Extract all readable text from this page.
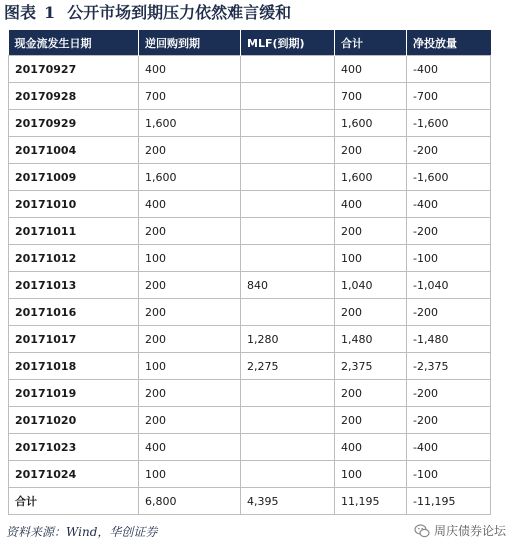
图表 1 公开市场到期压力依然难言缓和
现金流发生日期	逆回购到期	MLF(到期)	合计	净投放量
20170927	400		400	-400
20170928	700		700	-700
20170929	1,600		1,600	-1,600
20171004	200		200	-200
20171009	1,600		1,600	-1,600
20171010	400		400	-400
20171011	200		200	-200
20171012	100		100	-100
20171013	200	840	1,040	-1,040
20171016	200		200	-200
20171017	200	1,280	1,480	-1,480
20171018	100	2,275	2,375	-2,375
20171019	200		200	-200
20171020	200		200	-200
20171023	400		400	-400
20171024	100		100	-100
合计	6,800	4,395	11,195	-11,195
资料来源：Wind，华创证券	周庆债券论坛
